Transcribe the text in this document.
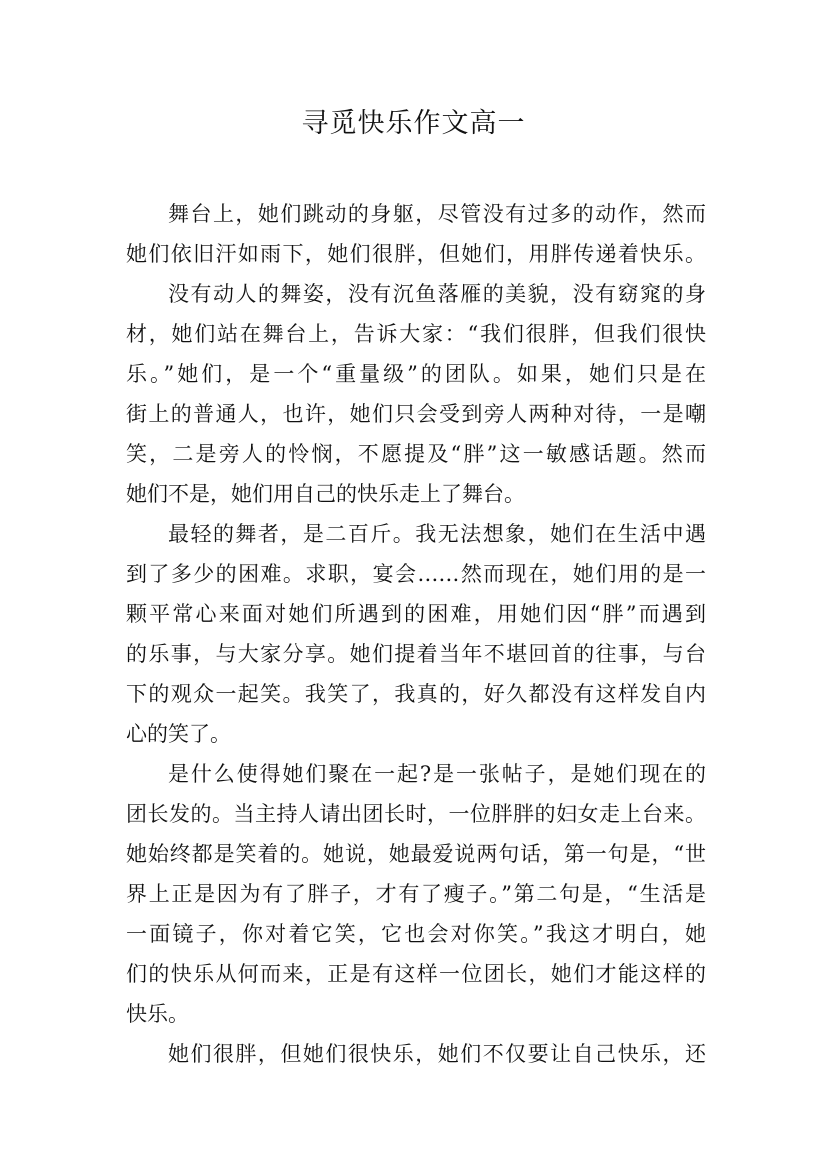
寻觅快乐作文高一
舞台上，她们跳动的身躯，尽管没有过多的动作，然而
她们依旧汗如雨下，她们很胖，但她们，用胖传递着快乐。
没有动人的舞姿，没有沉鱼落雁的美貌，没有窈窕的身
材，她们站在舞台上，告诉大家：“我们很胖，但我们很快
乐。”她们，是一个“重量级”的团队。如果，她们只是在
街上的普通人，也许，她们只会受到旁人两种对待，一是嘲
笑，二是旁人的怜悯，不愿提及“胖”这一敏感话题。然而
她们不是，她们用自己的快乐走上了舞台。
最轻的舞者，是二百斤。我无法想象，她们在生活中遇
到了多少的困难。求职，宴会……然而现在，她们用的是一
颗平常心来面对她们所遇到的困难，用她们因“胖”而遇到
的乐事，与大家分享。她们提着当年不堪回首的往事，与台
下的观众一起笑。我笑了，我真的，好久都没有这样发自内
心的笑了。
是什么使得她们聚在一起?是一张帖子，是她们现在的
团长发的。当主持人请出团长时，一位胖胖的妇女走上台来。
她始终都是笑着的。她说，她最爱说两句话，第一句是，“世
界上正是因为有了胖子，才有了瘦子。”第二句是，“生活是
一面镜子，你对着它笑，它也会对你笑。”我这才明白，她
们的快乐从何而来，正是有这样一位团长，她们才能这样的
快乐。
她们很胖，但她们很快乐，她们不仅要让自己快乐，还
